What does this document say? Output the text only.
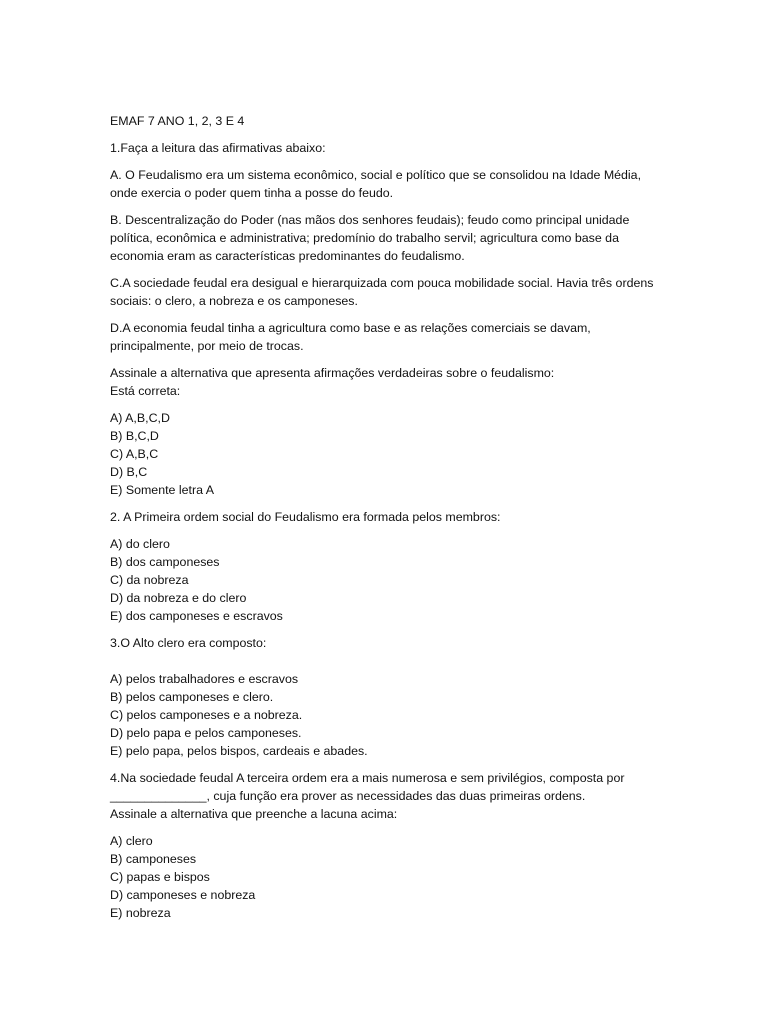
EMAF 7 ANO 1, 2, 3 E 4

1.Faça a leitura das afirmativas abaixo:

A. O Feudalismo era um sistema econômico, social e político que se consolidou na Idade Média, onde exercia o poder quem tinha a posse do feudo.

B. Descentralização do Poder (nas mãos dos senhores feudais); feudo como principal unidade política, econômica e administrativa; predomínio do trabalho servil; agricultura como base da economia eram as características predominantes do feudalismo.

C.A sociedade feudal era desigual e hierarquizada com pouca mobilidade social. Havia três ordens sociais: o clero, a nobreza e os camponeses.

D.A economia feudal tinha a agricultura como base e as relações comerciais se davam, principalmente, por meio de trocas.

Assinale a alternativa que apresenta afirmações verdadeiras sobre o feudalismo:
Está correta:

A) A,B,C,D
B) B,C,D
C) A,B,C
D) B,C
E) Somente letra A

2. A Primeira ordem social do Feudalismo era formada pelos membros:

A) do clero
B) dos camponeses
C) da nobreza
D) da nobreza e do clero
E) dos camponeses e escravos

3.O Alto clero era composto:

A) pelos trabalhadores e escravos
B) pelos camponeses e clero.
C) pelos camponeses e a nobreza.
D) pelo papa e pelos camponeses.
E) pelo papa, pelos bispos, cardeais e abades.

4.Na sociedade feudal A terceira ordem era a mais numerosa e sem privilégios, composta por ______________, cuja função era prover as necessidades das duas primeiras ordens.
Assinale a alternativa que preenche a lacuna acima:

A) clero
B) camponeses
C) papas e bispos
D) camponeses e nobreza
E) nobreza
